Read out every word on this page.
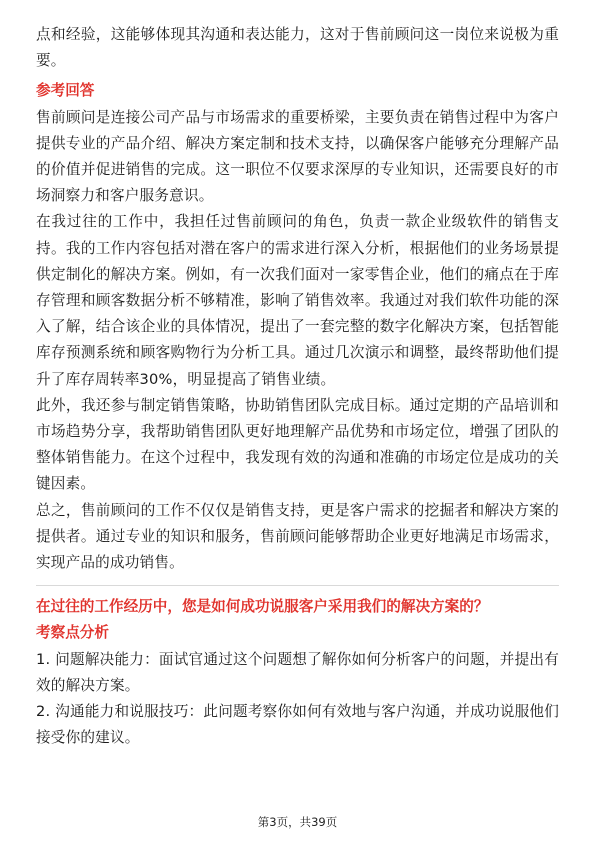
点和经验，这能够体现其沟通和表达能力，这对于售前顾问这一岗位来说极为重要。

参考回答

售前顾问是连接公司产品与市场需求的重要桥梁，主要负责在销售过程中为客户提供专业的产品介绍、解决方案定制和技术支持，以确保客户能够充分理解产品的价值并促进销售的完成。这一职位不仅要求深厚的专业知识，还需要良好的市场洞察力和客户服务意识。

在我过往的工作中，我担任过售前顾问的角色，负责一款企业级软件的销售支持。我的工作内容包括对潜在客户的需求进行深入分析，根据他们的业务场景提供定制化的解决方案。例如，有一次我们面对一家零售企业，他们的痛点在于库存管理和顾客数据分析不够精准，影响了销售效率。我通过对我们软件功能的深入了解，结合该企业的具体情况，提出了一套完整的数字化解决方案，包括智能库存预测系统和顾客购物行为分析工具。通过几次演示和调整，最终帮助他们提升了库存周转率30%，明显提高了销售业绩。

此外，我还参与制定销售策略，协助销售团队完成目标。通过定期的产品培训和市场趋势分享，我帮助销售团队更好地理解产品优势和市场定位，增强了团队的整体销售能力。在这个过程中，我发现有效的沟通和准确的市场定位是成功的关键因素。

总之，售前顾问的工作不仅仅是销售支持，更是客户需求的挖掘者和解决方案的提供者。通过专业的知识和服务，售前顾问能够帮助企业更好地满足市场需求，实现产品的成功销售。

在过往的工作经历中，您是如何成功说服客户采用我们的解决方案的？

考察点分析

1. 问题解决能力：面试官通过这个问题想了解你如何分析客户的问题，并提出有效的解决方案。

2. 沟通能力和说服技巧：此问题考察你如何有效地与客户沟通，并成功说服他们接受你的建议。

第3页，共39页
